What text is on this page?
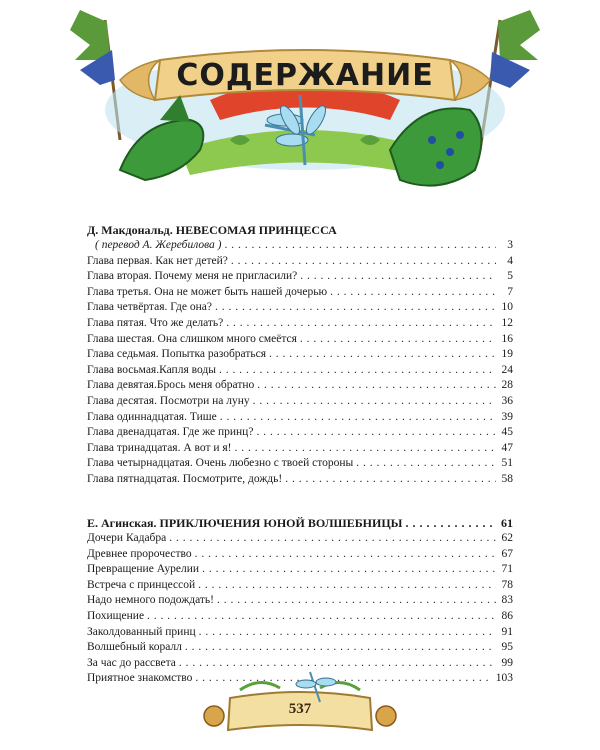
СОДЕРЖАНИЕ
Д. Макдональд. НЕВЕСОМАЯ ПРИНЦЕССА
( перевод А. Жеребилова ) . . .	3
Глава первая. Как нет детей? . . .	4
Глава вторая. Почему меня не пригласили? . . .	5
Глава третья. Она не может быть нашей дочерью . . .	7
Глава четвёртая. Где она? . . .	10
Глава пятая. Что же делать? . . .	12
Глава шестая. Она слишком много смеётся . . .	16
Глава седьмая. Попытка разобраться . . .	19
Глава восьмая.Капля воды . . .	24
Глава девятая.Брось меня обратно . . .	28
Глава десятая. Посмотри на луну . . .	36
Глава одиннадцатая. Тише . . .	39
Глава двенадцатая. Где же принц? . . .	45
Глава тринадцатая. А вот и я! . . .	47
Глава четырнадцатая. Очень любезно с твоей стороны . . .	51
Глава пятнадцатая. Посмотрите, дождь! . . .	58
Е. Агинская. ПРИКЛЮЧЕНИЯ ЮНОЙ ВОЛШЕБНИЦЫ . . .	61
Дочери Кадабра . . .	62
Древнее пророчество . . .	67
Превращение Аурелии . . .	71
Встреча с принцессой . . .	78
Надо немного подождать! . . .	83
Похищение . . .	86
Заколдованный принц . . .	91
Волшебный коралл . . .	95
За час до рассвета . . .	99
Приятное знакомство . . .	103
537
